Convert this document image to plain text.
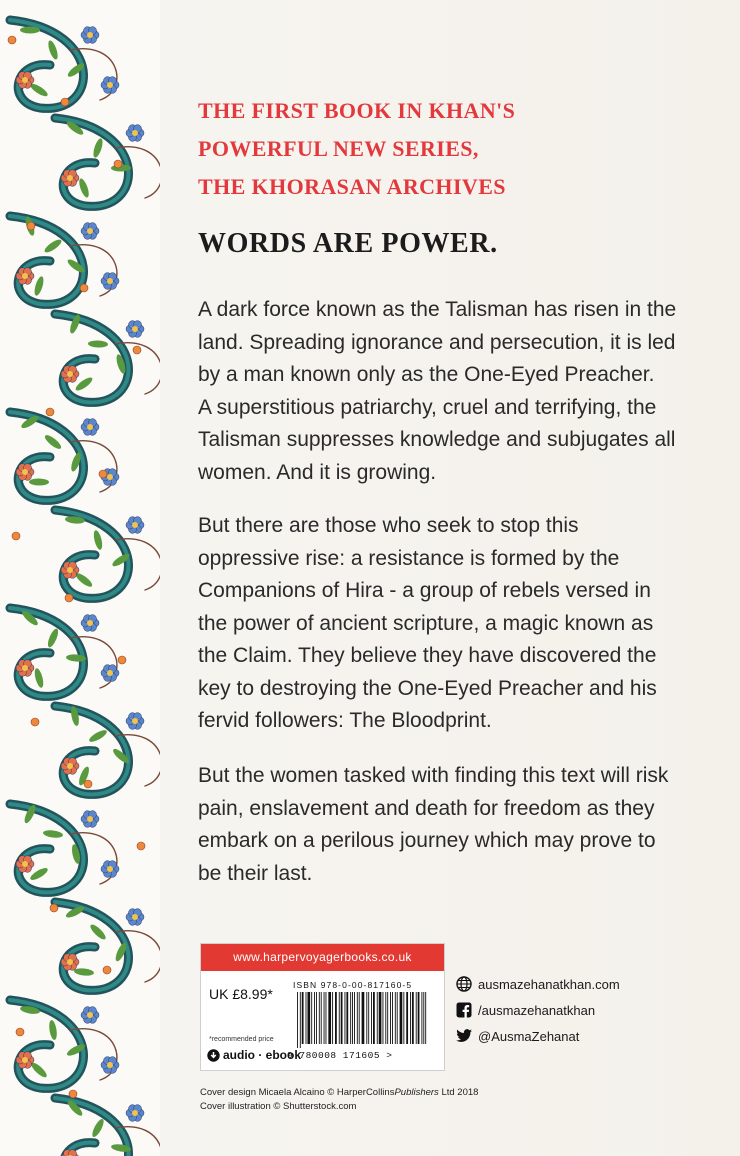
THE FIRST BOOK IN KHAN'S
POWERFUL NEW SERIES,
THE KHORASAN ARCHIVES
WORDS ARE POWER.
A dark force known as the Talisman has risen in the
land. Spreading ignorance and persecution, it is led
by a man known only as the One-Eyed Preacher.
A superstitious patriarchy, cruel and terrifying, the
Talisman suppresses knowledge and subjugates all
women. And it is growing.
But there are those who seek to stop this
oppressive rise: a resistance is formed by the
Companions of Hira - a group of rebels versed in
the power of ancient scripture, a magic known as
the Claim. They believe they have discovered the
key to destroying the One-Eyed Preacher and his
fervid followers: The Bloodprint.
But the women tasked with finding this text will risk
pain, enslavement and death for freedom as they
embark on a perilous journey which may prove to
be their last.
www.harpervoyagerbooks.co.uk
UK £8.99*
ISBN 978-0-00-817160-5
9 780008 171605 >
*recommended price
audio · ebook
ausmazehanatkhan.com
/ausmazehanatkhan
@AusmaZehanat
Cover design Micaela Alcaino © HarperCollinsPublishers Ltd 2018
Cover illustration © Shutterstock.com
